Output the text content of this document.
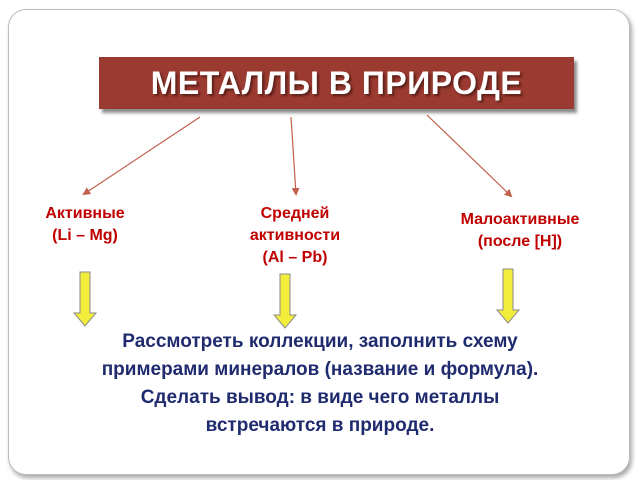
МЕТАЛЛЫ В ПРИРОДЕ
Активные
(Li – Mg)
Средней
активности
(Al – Pb)
Малоактивные
(после [H])
Рассмотреть коллекции, заполнить схему
примерами минералов (название и формула).
Сделать вывод: в виде чего металлы
встречаются в природе.
